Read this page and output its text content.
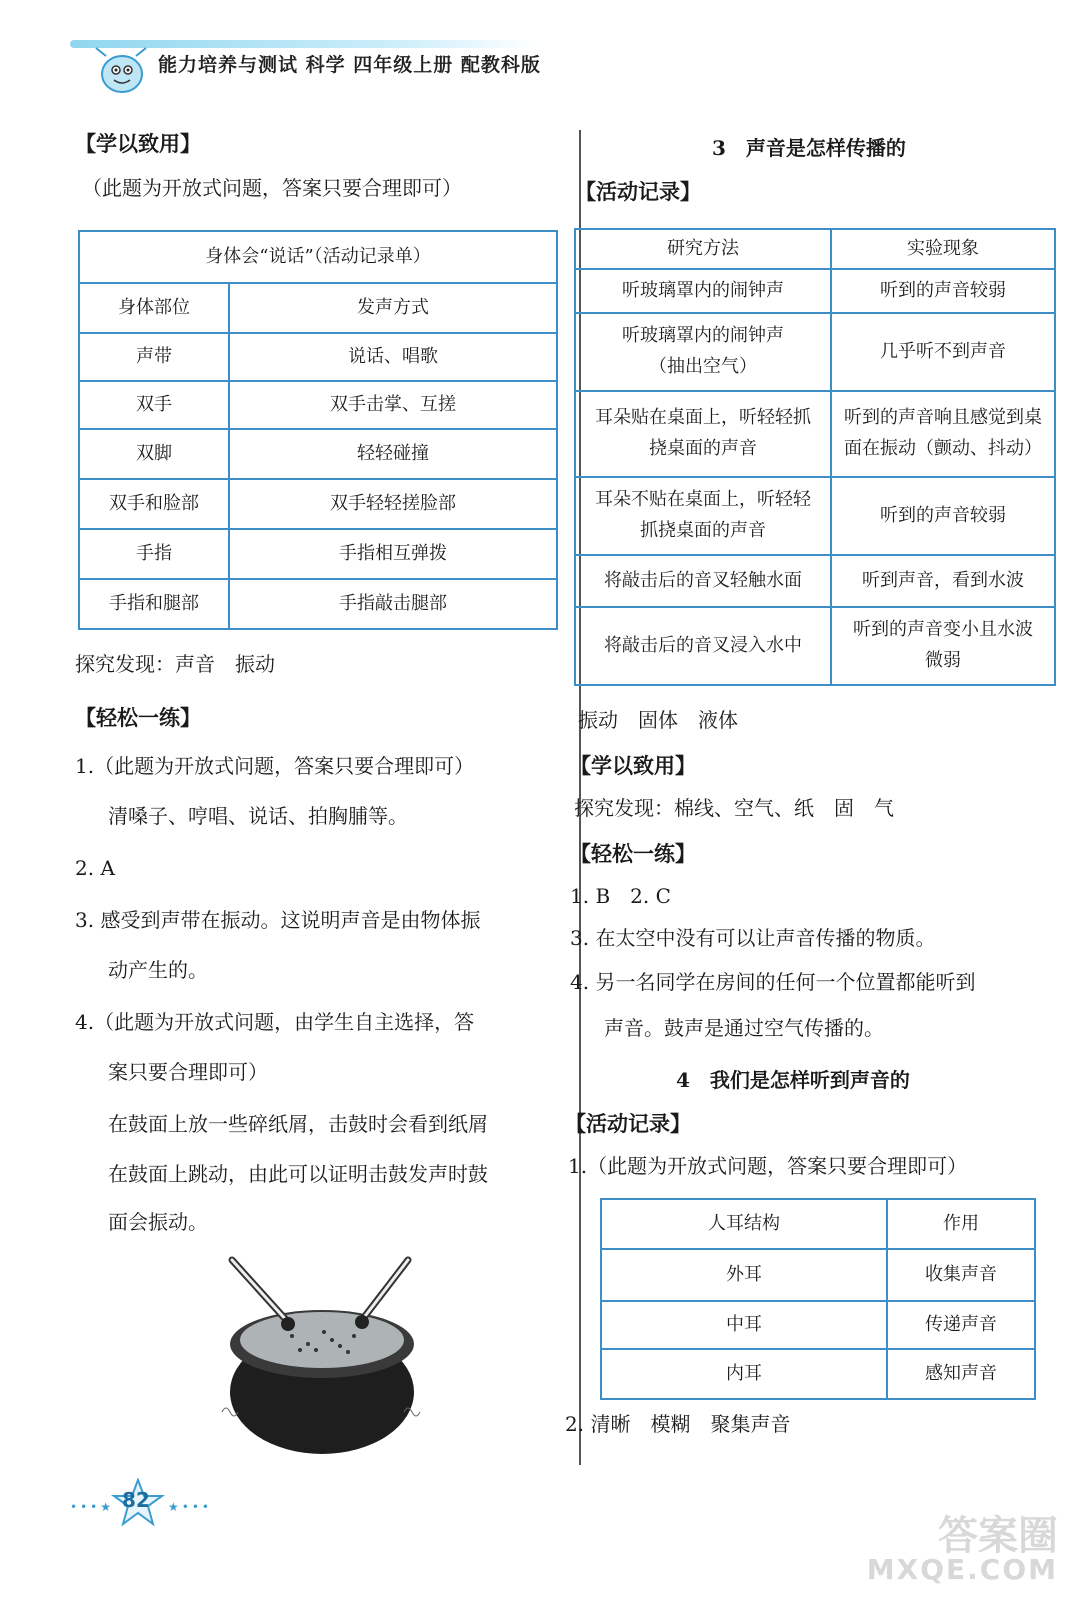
能力培养与测试 科学 四年级上册 配教科版
【学以致用】
（此题为开放式问题，答案只要合理即可）
身体会“说话”（活动记录单）	
身体部位	发声方式
声带	说话、唱歌
双手	双手击掌、互搓
双脚	轻轻碰撞
双手和脸部	双手轻轻搓脸部
手指	手指相互弹拨
手指和腿部	手指敲击腿部
探究发现：声音　振动
【轻松一练】
1.（此题为开放式问题，答案只要合理即可）
清嗓子、哼唱、说话、拍胸脯等。
2. A
3. 感受到声带在振动。这说明声音是由物体振
动产生的。
4.（此题为开放式问题，由学生自主选择，答
案只要合理即可）
在鼓面上放一些碎纸屑，击鼓时会看到纸屑
在鼓面上跳动，由此可以证明击鼓发声时鼓
面会振动。
3　声音是怎样传播的
【活动记录】
研究方法	实验现象
听玻璃罩内的闹钟声	听到的声音较弱
听玻璃罩内的闹钟声
（抽出空气）	几乎听不到声音
耳朵贴在桌面上，听轻轻抓
挠桌面的声音	听到的声音响且感觉到桌
面在振动（颤动、抖动）
耳朵不贴在桌面上，听轻轻
抓挠桌面的声音	听到的声音较弱
将敲击后的音叉轻触水面	听到声音，看到水波
将敲击后的音叉浸入水中	听到的声音变小且水波
微弱
振动　固体　液体
【学以致用】
探究发现：棉线、空气、纸　固　气
【轻松一练】
1. B　2. C
3. 在太空中没有可以让声音传播的物质。
4. 另一名同学在房间的任何一个位置都能听到
声音。鼓声是通过空气传播的。
4　我们是怎样听到声音的
【活动记录】
1.（此题为开放式问题，答案只要合理即可）
人耳结构	作用
外耳	收集声音
中耳	传递声音
内耳	感知声音
2. 清晰　模糊　聚集声音
82
•••★	★•••
答案圈
MXQE.COM
